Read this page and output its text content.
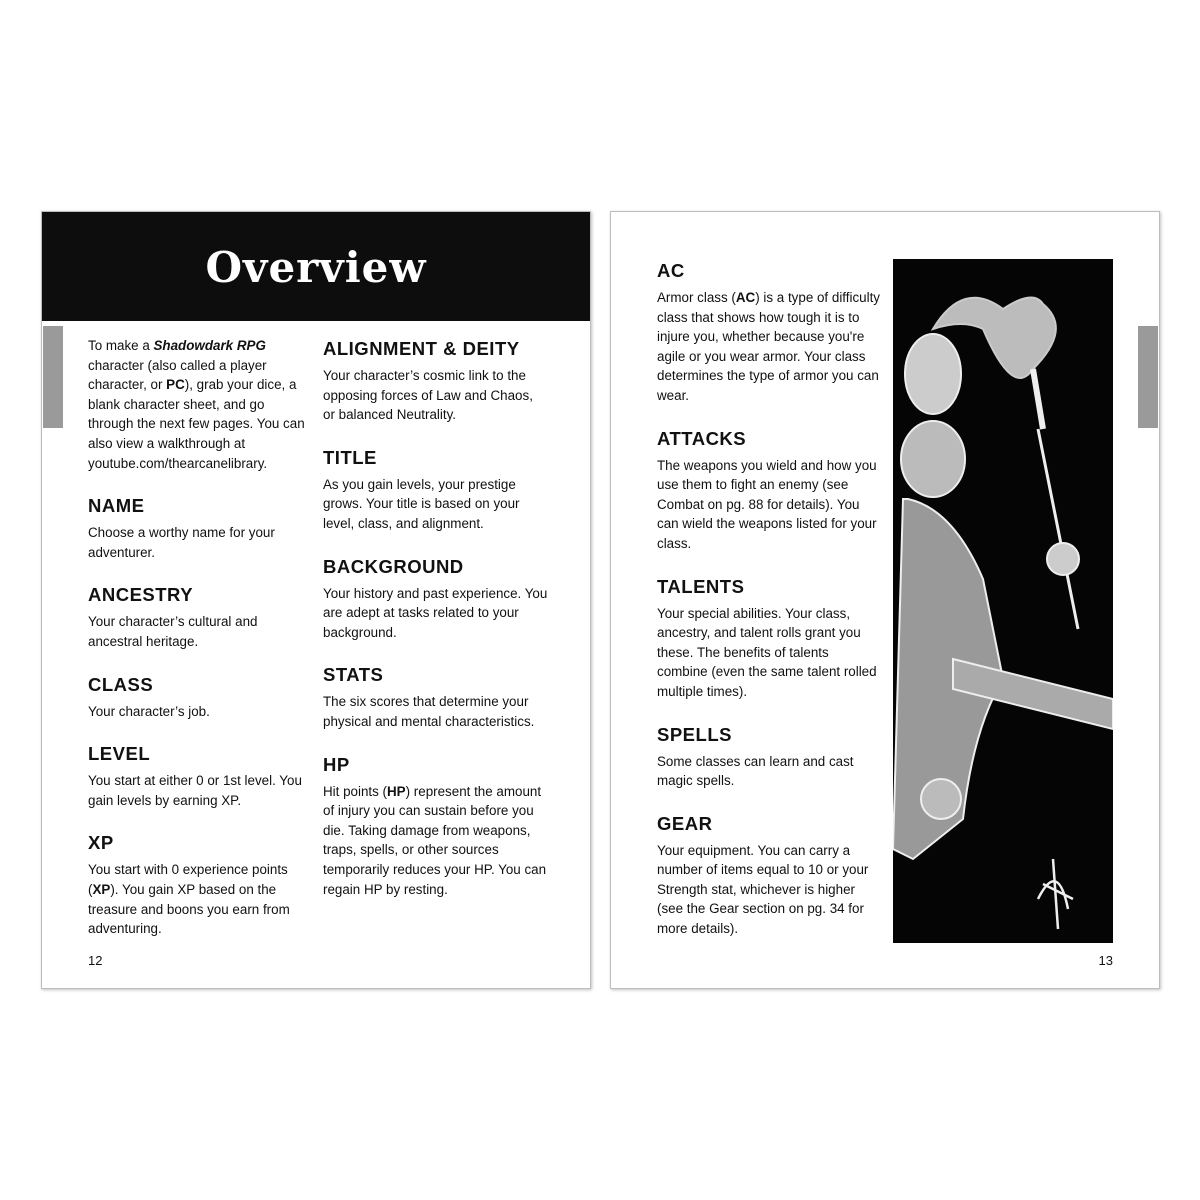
Overview

To make a Shadowdark RPG character (also called a player character, or PC), grab your dice, a blank character sheet, and go through the next few pages. You can also view a walkthrough at youtube.com/thearcanelibrary.

NAME

Choose a worthy name for your adventurer.

ANCESTRY

Your character’s cultural and ancestral heritage.

CLASS

Your character’s job.

LEVEL

You start at either 0 or 1st level. You gain levels by earning XP.

XP

You start with 0 experience points (XP). You gain XP based on the treasure and boons you earn from adventuring.

ALIGNMENT & DEITY

Your character’s cosmic link to the opposing forces of Law and Chaos, or balanced Neutrality.

TITLE

As you gain levels, your prestige grows. Your title is based on your level, class, and alignment.

BACKGROUND

Your history and past experience. You are adept at tasks related to your background.

STATS

The six scores that determine your physical and mental characteristics.

HP

Hit points (HP) represent the amount of injury you can sustain before you die. Taking damage from weapons, traps, spells, or other sources temporarily reduces your HP. You can regain HP by resting.

12
AC

Armor class (AC) is a type of difficulty class that shows how tough it is to injure you, whether because you're agile or you wear armor. Your class determines the type of armor you can wear.

ATTACKS

The weapons you wield and how you use them to fight an enemy (see Combat on pg. 88 for details). You can wield the weapons listed for your class.

TALENTS

Your special abilities. Your class, ancestry, and talent rolls grant you these. The benefits of talents combine (even the same talent rolled multiple times).

SPELLS

Some classes can learn and cast magic spells.

GEAR

Your equipment. You can carry a number of items equal to 10 or your Strength stat, whichever is higher (see the Gear section on pg. 34 for more details).

13
